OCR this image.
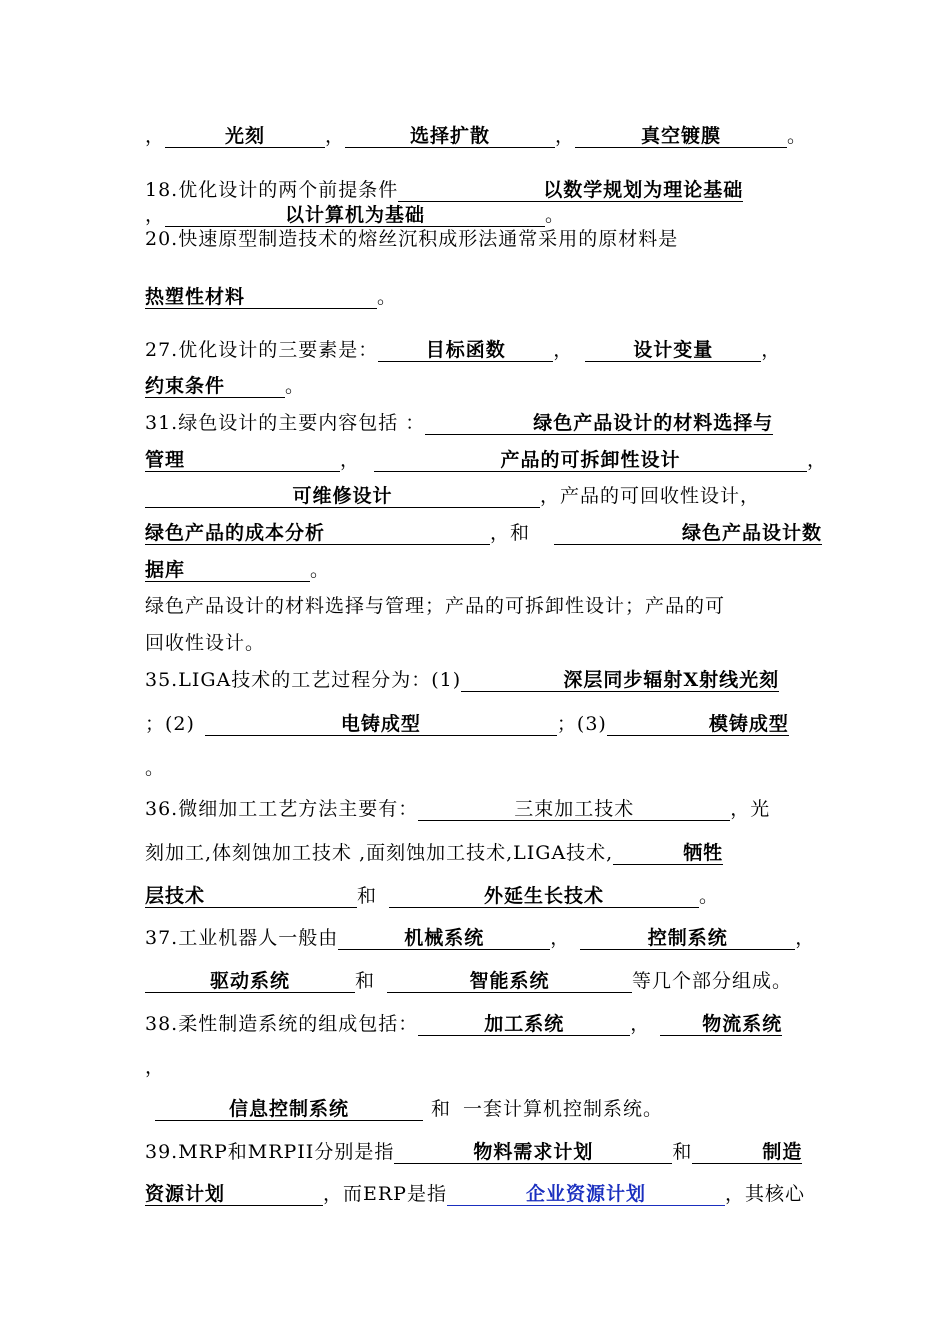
，	光刻	，	选择扩散	，	真空镀膜	。
18.优化设计的两个前提条件	以数学规划为理论基础
，	以计算机为基础	。
20.快速原型制造技术的熔丝沉积成形法通常采用的原材料是
热塑性材料	。
27.优化设计的三要素是： 目标函数	，	设计变量	，
约束条件	。
31.绿色设计的主要内容包括 ：	绿色产品设计的材料选择与
管理	，	产品的可拆卸性设计	，
可维修设计	，产品的可回收性设计，
绿色产品的成本分析	，和	绿色产品设计数
据库	。
绿色产品设计的材料选择与管理；产品的可拆卸性设计；产品的可
回收性设计。
35.LIGA技术的工艺过程分为：(1)	深层同步辐射X射线光刻
；(2)	电铸成型	；(3)	模铸成型
。
36.微细加工工艺方法主要有：	三束加工技术	，光
刻加工,体刻蚀加工技术 ,面刻蚀加工技术,LIGA技术,	牺牲
层技术	和	外延生长技术	。
37.工业机器人一般由	机械系统	，	控制系统	，
驱动系统	和	智能系统	等几个部分组成。
38.柔性制造系统的组成包括：	加工系统	，	物流系统
，
信息控制系统	和 一套计算机控制系统。
39.MRP和MRPII分别是指	物料需求计划	和	制造
资源计划	，而ERP是指	企业资源计划	，其核心
